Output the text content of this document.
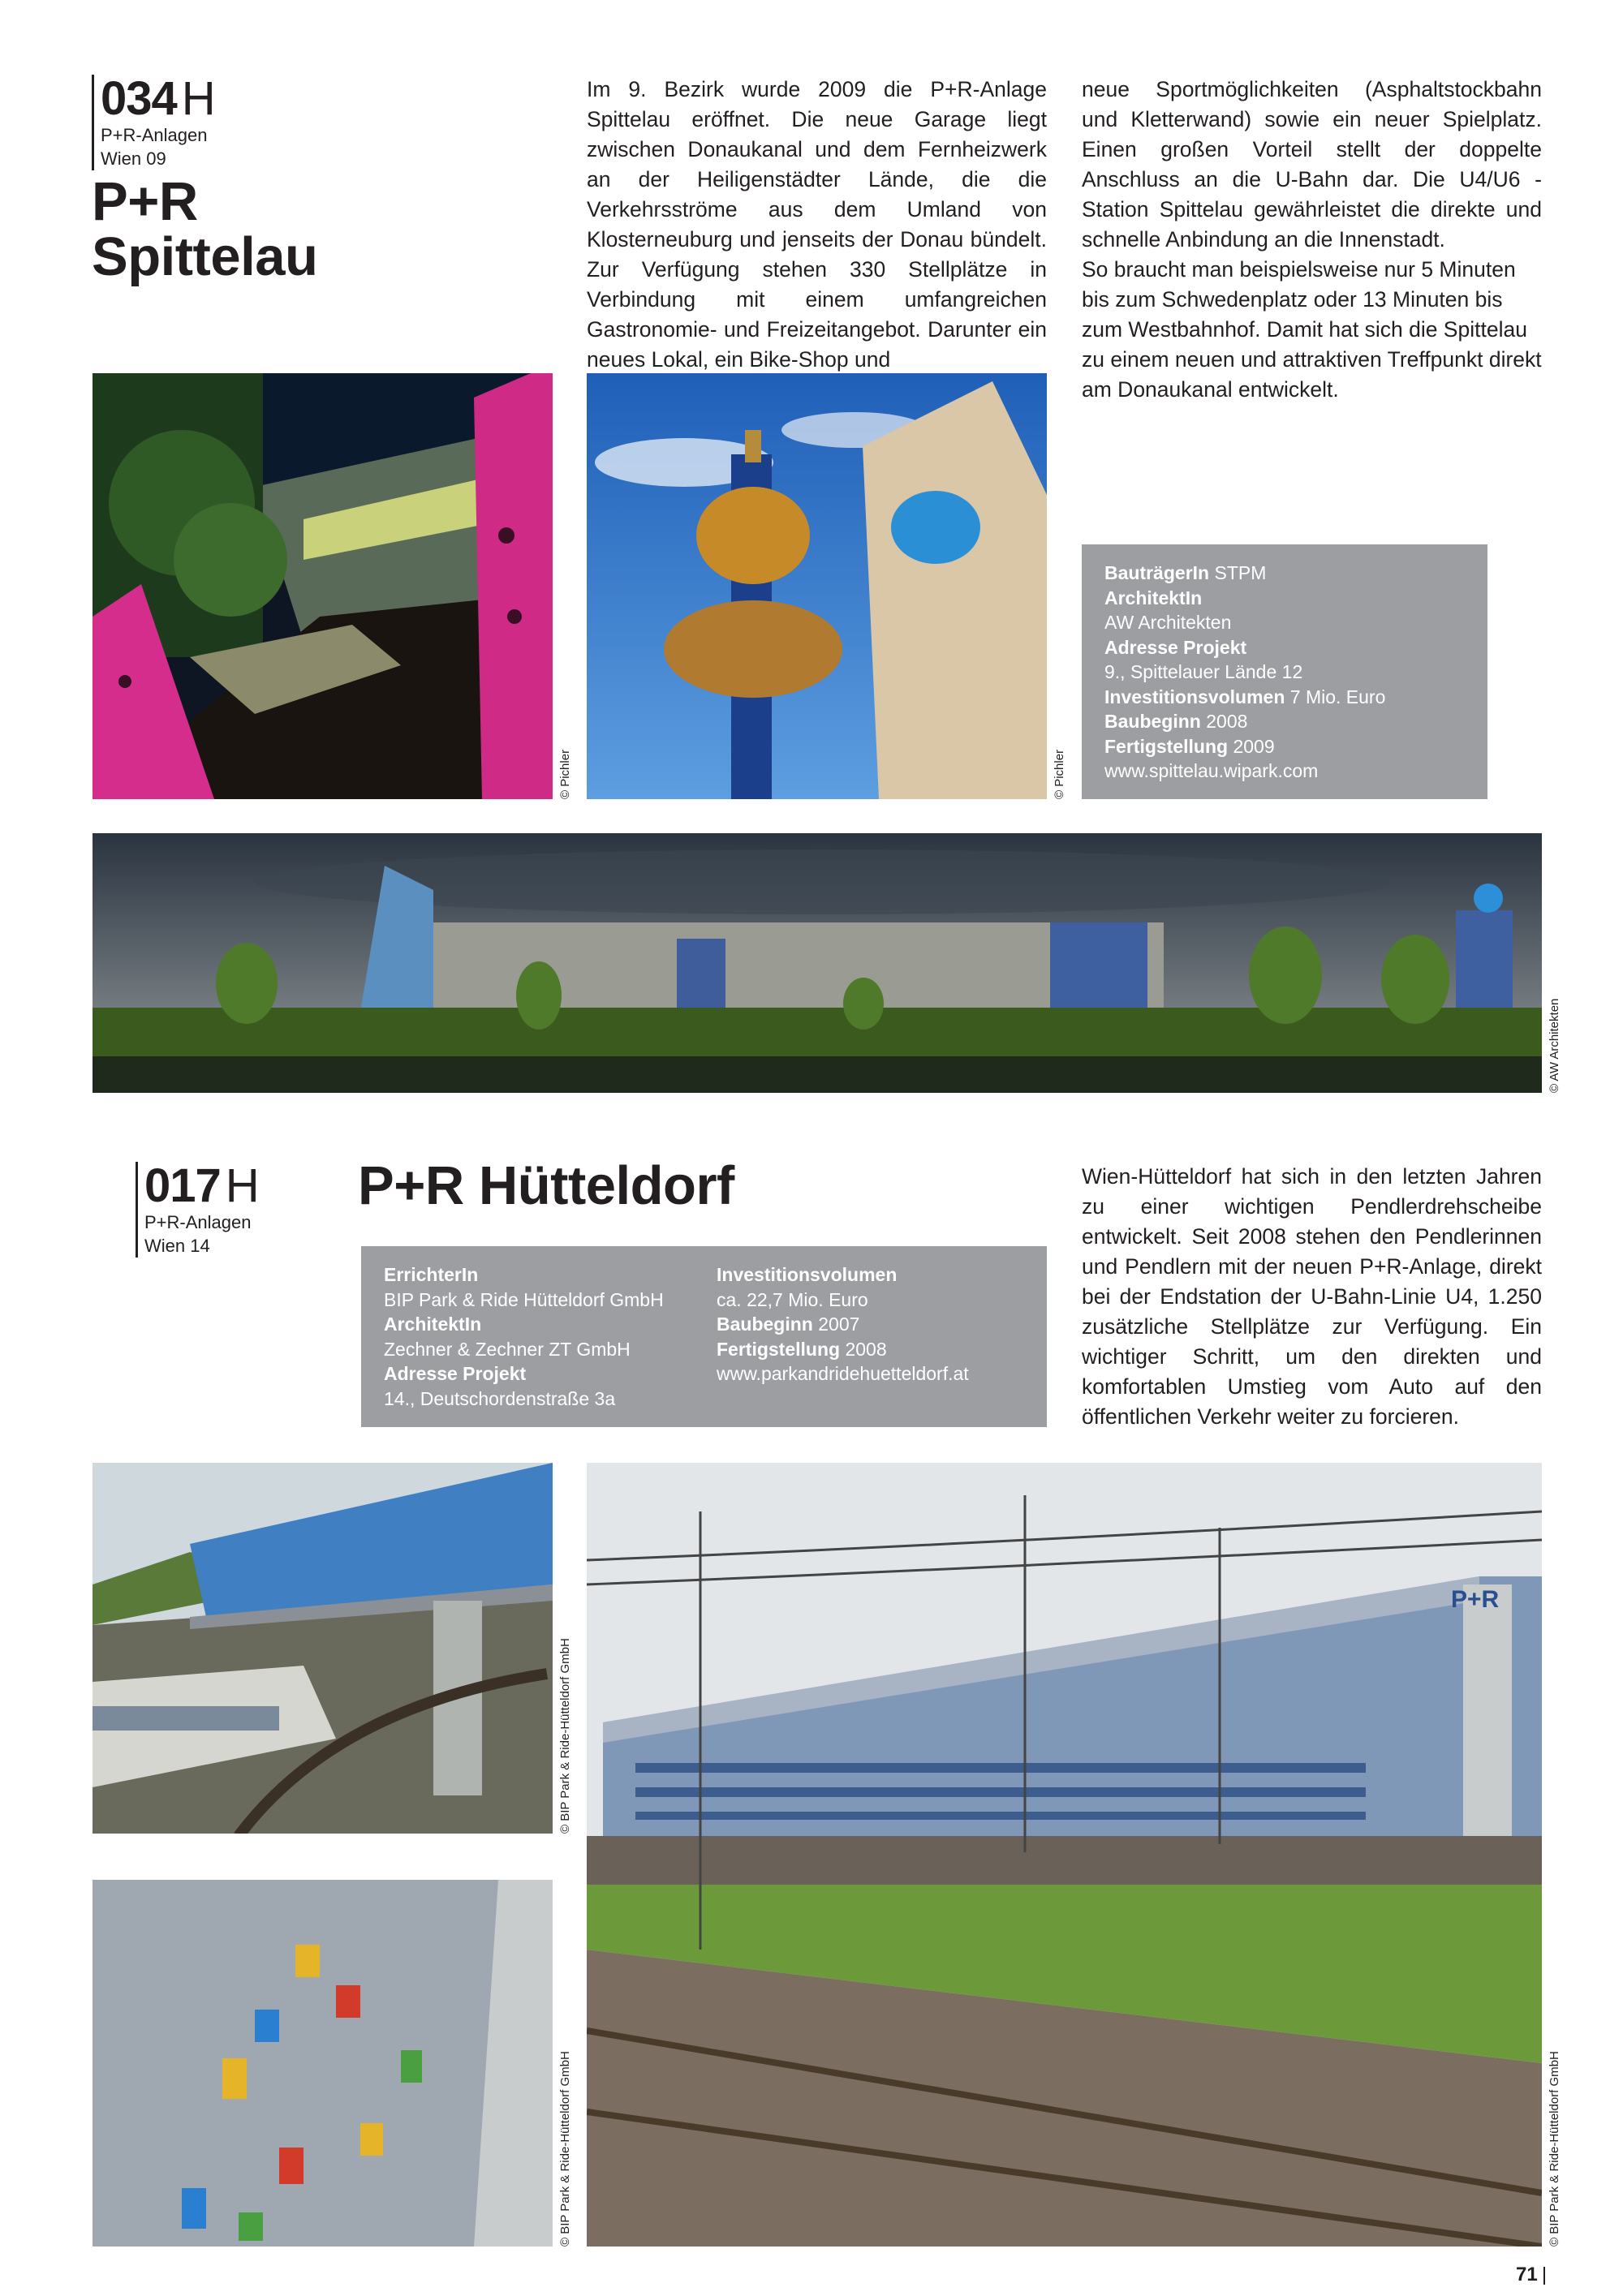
034 H
P+R-Anlagen
Wien 09
P+R
Spittelau

Im 9. Bezirk wurde 2009 die P+R-Anlage Spittelau eröffnet. Die neue Garage liegt zwischen Donaukanal und dem Fernheizwerk an der Heiligenstädter Lände, die die Verkehrsströme aus dem Umland von Klosterneuburg und jenseits der Donau bündelt. Zur Verfügung stehen 330 Stellplätze in Verbindung mit einem umfangreichen Gastronomie- und Freizeitangebot. Darunter ein neues Lokal, ein Bike-Shop und

neue Sportmöglichkeiten (Asphaltstockbahn und Kletterwand) sowie ein neuer Spielplatz. Einen großen Vorteil stellt der doppelte Anschluss an die U-Bahn dar. Die U4/U6 - Station Spittelau gewährleistet die direkte und schnelle Anbindung an die Innenstadt.

So braucht man beispielsweise nur 5 Minuten bis zum Schwedenplatz oder 13 Minuten bis zum Westbahnhof. Damit hat sich die Spittelau zu einem neuen und attraktiven Treffpunkt direkt am Donaukanal entwickelt.

© Pichler	© Pichler
BauträgerIn STPM
ArchitektIn
AW Architekten
Adresse Projekt
9., Spittelauer Lände 12
Investitionsvolumen 7 Mio. Euro
Baubeginn 2008
Fertigstellung 2009
www.spittelau.wipark.com
© AW Architekten
017 H
P+R-Anlagen
Wien 14
P+R Hütteldorf
ErrichterIn
BIP Park & Ride Hütteldorf GmbH
ArchitektIn
Zechner & Zechner ZT GmbH
Adresse Projekt
14., Deutschordenstraße 3a
Investitionsvolumen
ca. 22,7 Mio. Euro
Baubeginn 2007
Fertigstellung 2008
www.parkandridehuetteldorf.at

Wien-Hütteldorf hat sich in den letzten Jahren zu einer wichtigen Pendlerdrehscheibe entwickelt. Seit 2008 stehen den Pendlerinnen und Pendlern mit der neuen P+R-Anlage, direkt bei der Endstation der U-Bahn-Linie U4, 1.250 zusätzliche Stellplätze zur Verfügung. Ein wichtiger Schritt, um den direkten und komfortablen Umstieg vom Auto auf den öffentlichen Verkehr weiter zu forcieren.

© BIP Park & Ride-Hütteldorf GmbH
© BIP Park & Ride-Hütteldorf GmbH
P+R
© BIP Park & Ride-Hütteldorf GmbH
71
